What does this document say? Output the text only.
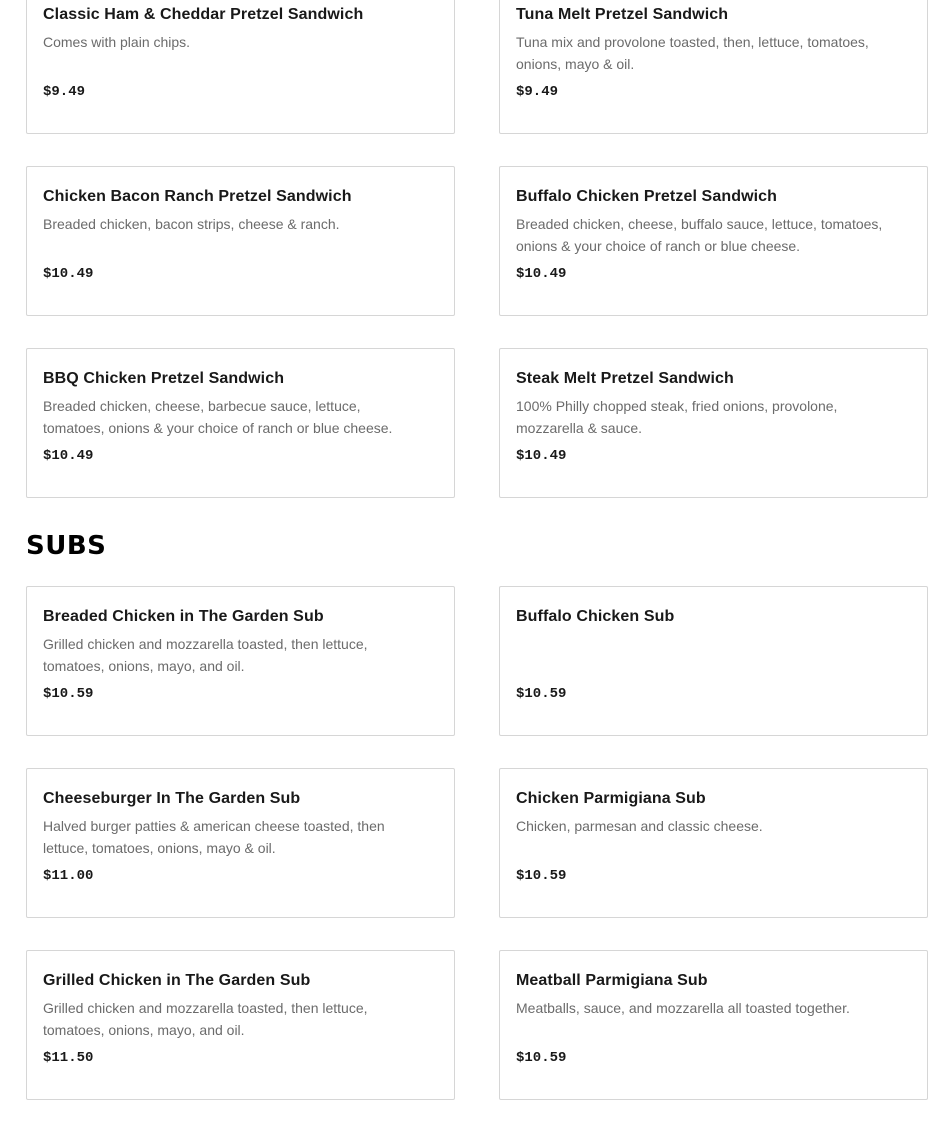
Classic Ham & Cheddar Pretzel Sandwich
Comes with plain chips.
$9.49
Tuna Melt Pretzel Sandwich
Tuna mix and provolone toasted, then, lettuce, tomatoes, onions, mayo & oil.
$9.49
Chicken Bacon Ranch Pretzel Sandwich
Breaded chicken, bacon strips, cheese & ranch.
$10.49
Buffalo Chicken Pretzel Sandwich
Breaded chicken, cheese, buffalo sauce, lettuce, tomatoes, onions & your choice of ranch or blue cheese.
$10.49
BBQ Chicken Pretzel Sandwich
Breaded chicken, cheese, barbecue sauce, lettuce, tomatoes, onions & your choice of ranch or blue cheese.
$10.49
Steak Melt Pretzel Sandwich
100% Philly chopped steak, fried onions, provolone, mozzarella & sauce.
$10.49
SUBS
Breaded Chicken in The Garden Sub
Grilled chicken and mozzarella toasted, then lettuce, tomatoes, onions, mayo, and oil.
$10.59
Buffalo Chicken Sub
$10.59
Cheeseburger In The Garden Sub
Halved burger patties & american cheese toasted, then lettuce, tomatoes, onions, mayo & oil.
$11.00
Chicken Parmigiana Sub
Chicken, parmesan and classic cheese.
$10.59
Grilled Chicken in The Garden Sub
Grilled chicken and mozzarella toasted, then lettuce, tomatoes, onions, mayo, and oil.
$11.50
Meatball Parmigiana Sub
Meatballs, sauce, and mozzarella all toasted together.
$10.59
